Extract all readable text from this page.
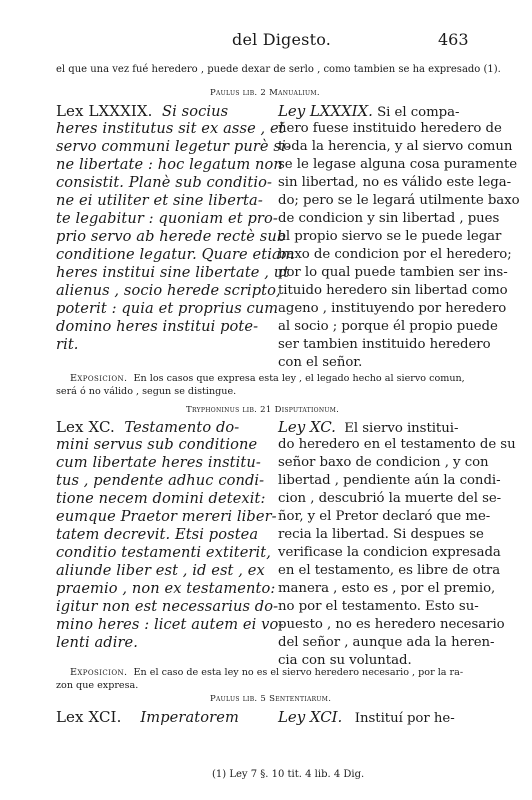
del Digesto.	463
el que una vez fué heredero , puede dexar de serlo , como tambien se ha expresado (1).
Paulus lib. 2 Manualium.
Lex LXXXIX. Si socius
heres institutus sit ex asse , et
servo communi legetur purè si-
ne libertate : hoc legatum non
consistit. Planè sub conditio-
ne ei utiliter et sine liberta-
te legabitur : quoniam et pro-
prio servo ab herede rectè sub
conditione legatur. Quare etiam
heres institui sine libertate , ut
alienus , socio herede scripto,
poterit : quia et proprius cum
domino heres institui pote-
rit.
Ley LXXXIX. Si el compa-
ñero fuese instituido heredero de
toda la herencia, y al siervo comun
se le legase alguna cosa puramente
sin libertad, no es válido este lega-
do; pero se le legará utilmente baxo
de condicion y sin libertad , pues
al propio siervo se le puede legar
baxo de condicion por el heredero;
por lo qual puede tambien ser ins-
tituido heredero sin libertad como
ageno , instituyendo por heredero
al socio ; porque él propio puede
ser tambien instituido heredero
con el señor.
Exposicion. En los casos que expresa esta ley , el legado hecho al siervo comun,
será ó no válido , segun se distingue.
Tryphoninus lib. 21 Disputationum.
Lex XC. Testamento do-
mini servus sub conditione
cum libertate heres institu-
tus , pendente adhuc condi-
tione necem domini detexit:
eumque Praetor mereri liber-
tatem decrevit. Etsi postea
conditio testamenti extiterit,
aliunde liber est , id est , ex
praemio , non ex testamento:
igitur non est necessarius do-
mino heres : licet autem ei vo-
lenti adire.
Ley XC. El siervo institui-
do heredero en el testamento de su
señor baxo de condicion , y con
libertad , pendiente aún la condi-
cion , descubrió la muerte del se-
ñor, y el Pretor declaró que me-
recia la libertad. Si despues se
verificase la condicion expresada
en el testamento, es libre de otra
manera , esto es , por el premio,
no por el testamento. Esto su-
puesto , no es heredero necesario
del señor , aunque ada la heren-
cia con su voluntad.
Exposicion. En el caso de esta ley no es el siervo heredero necesario , por la ra-
zon que expresa.
Paulus lib. 5 Sententiarum.
Lex XCI. Imperatorem	Ley XCI. Instituí por he-
(1) Ley 7 §. 10 tit. 4 lib. 4 Dig.
